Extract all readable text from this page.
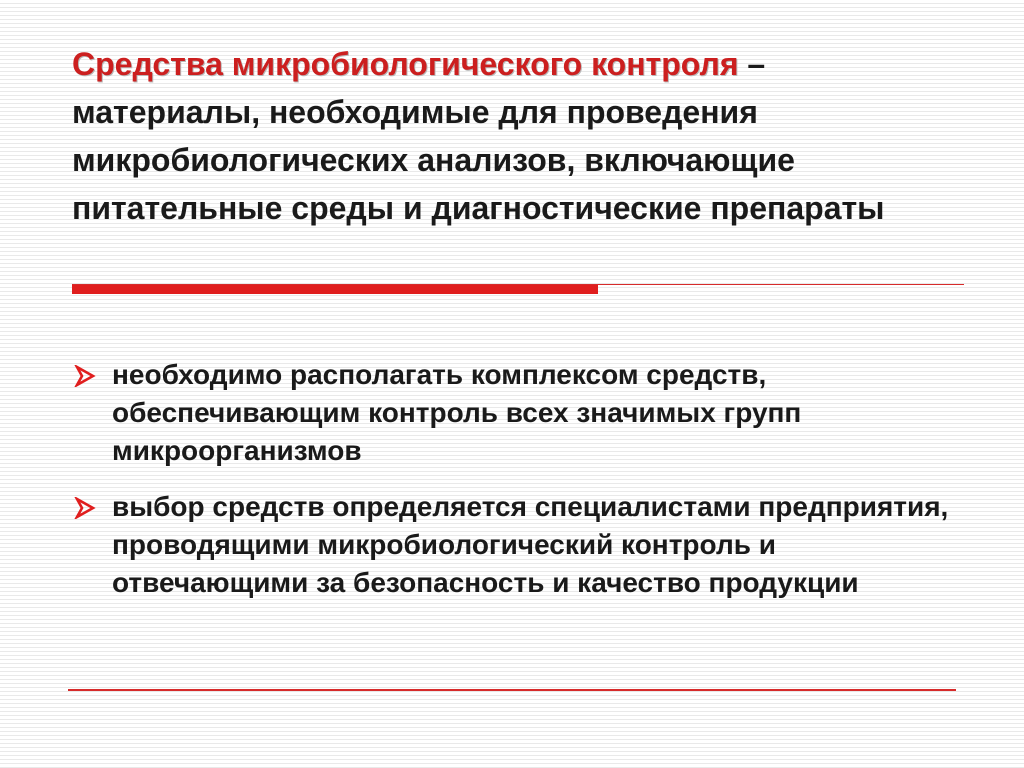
Средства микробиологического контроля –
материалы, необходимые для проведения микробиологических анализов, включающие питательные среды и диагностические препараты

необходимо располагать комплексом средств, обеспечивающим контроль всех значимых групп микроорганизмов
выбор средств определяется специалистами предприятия, проводящими микробиологический контроль и отвечающими за безопасность и качество продукции
